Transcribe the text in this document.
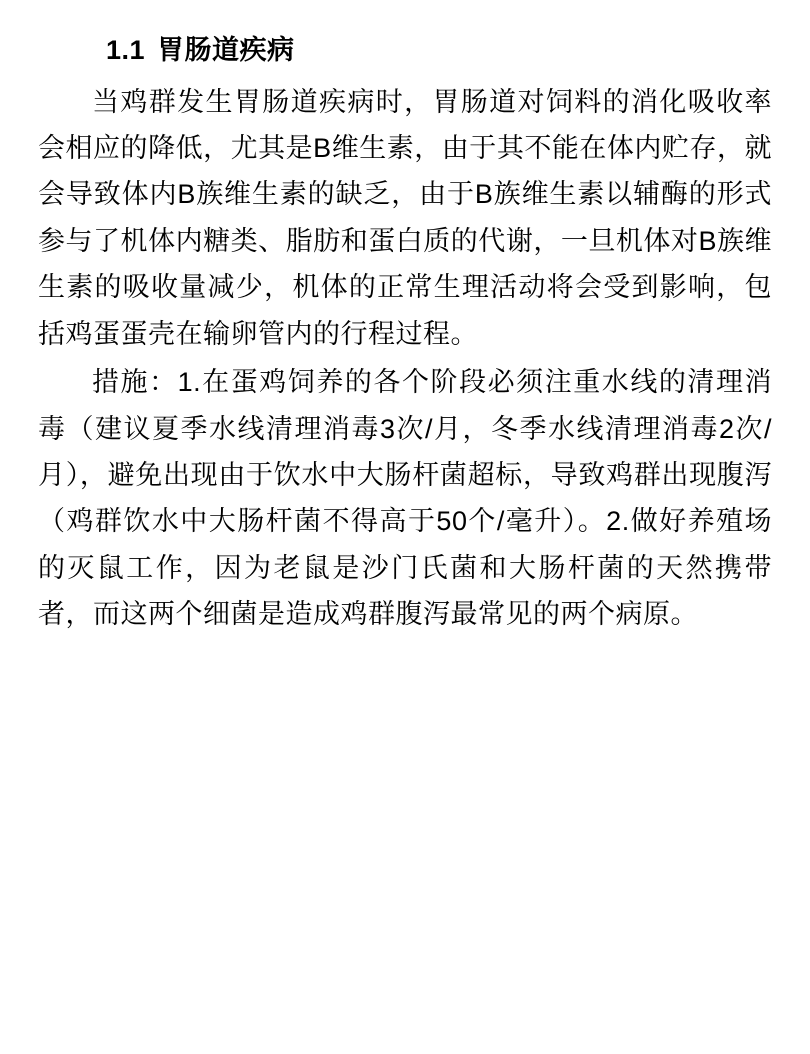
1.1 胃肠道疾病

当鸡群发生胃肠道疾病时，胃肠道对饲料的消化吸收率会相应的降低，尤其是B维生素，由于其不能在体内贮存，就会导致体内B族维生素的缺乏，由于B族维生素以辅酶的形式参与了机体内糖类、脂肪和蛋白质的代谢，一旦机体对B族维生素的吸收量减少，机体的正常生理活动将会受到影响，包括鸡蛋蛋壳在输卵管内的行程过程。

措施：1.在蛋鸡饲养的各个阶段必须注重水线的清理消毒（建议夏季水线清理消毒3次/月，冬季水线清理消毒2次/月），避免出现由于饮水中大肠杆菌超标，导致鸡群出现腹泻（鸡群饮水中大肠杆菌不得高于50个/毫升）。2.做好养殖场的灭鼠工作，因为老鼠是沙门氏菌和大肠杆菌的天然携带者，而这两个细菌是造成鸡群腹泻最常见的两个病原。
